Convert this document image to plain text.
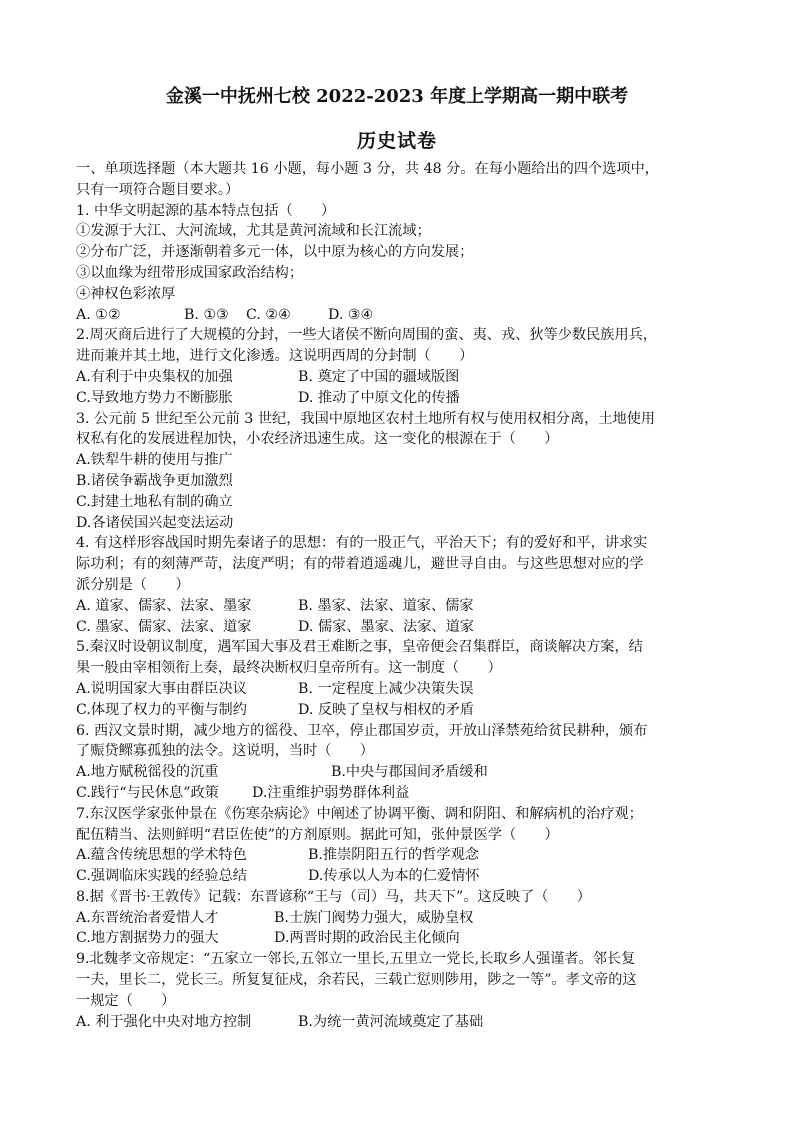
金溪一中抚州七校 2022-2023 年度上学期高一期中联考
历史试卷
一、单项选择题（本大题共 16 小题，每小题 3 分，共 48 分。在每小题给出的四个选项中，
只有一项符合题目要求。）
1. 中华文明起源的基本特点包括（　　）
①发源于大江、大河流域，尤其是黄河流域和长江流域；
②分布广泛，并逐渐朝着多元一体，以中原为核心的方向发展；
③以血缘为纽带形成国家政治结构；
④神权色彩浓厚
A. ①②	B. ①③ C. ②④	D. ③④
2.周灭商后进行了大规模的分封，一些大诸侯不断向周围的蛮、夷、戎、狄等少数民族用兵，
进而兼并其土地，进行文化渗透。这说明西周的分封制（　　）
A.有利于中央集权的加强	B. 奠定了中国的疆域版图
C.导致地方势力不断膨胀	D. 推动了中原文化的传播
3. 公元前 5 世纪至公元前 3 世纪，我国中原地区农村土地所有权与使用权相分离，土地使用
权私有化的发展进程加快，小农经济迅速生成。这一变化的根源在于（　　）
A.铁犁牛耕的使用与推广
B.诸侯争霸战争更加激烈
C.封建土地私有制的确立
D.各诸侯国兴起变法运动
4. 有这样形容战国时期先秦诸子的思想：有的一股正气，平治天下；有的爱好和平，讲求实
际功利；有的刻薄严苛，法度严明；有的带着逍遥魂儿，避世寻自由。与这些思想对应的学
派分别是（　　）
A. 道家、儒家、法家、墨家	B. 墨家、法家、道家、儒家
C. 墨家、儒家、法家、道家	D. 儒家、墨家、法家、道家
5.秦汉时设朝议制度，遇军国大事及君王难断之事，皇帝便会召集群臣，商谈解决方案，结
果一般由宰相领衔上奏，最终决断权归皇帝所有。这一制度（　　）
A.说明国家大事由群臣决议	B. 一定程度上减少决策失误
C.体现了权力的平衡与制约	D. 反映了皇权与相权的矛盾
6. 西汉文景时期，减少地方的徭役、卫卒，停止郡国岁贡，开放山泽禁苑给贫民耕种，颁布
了赈贷鳏寡孤独的法令。这说明，当时（　　）
A.地方赋税徭役的沉重	B.中央与郡国间矛盾缓和
C.践行“与民休息”政策 D.注重维护弱势群体利益
7.东汉医学家张仲景在《伤寒杂病论》中阐述了协调平衡、调和阴阳、和解病机的治疗观；
配伍精当、法则鲜明“君臣佐使”的方剂原则。据此可知，张仲景医学（　　）
A.蕴含传统思想的学术特色	B.推崇阴阳五行的哲学观念
C.强调临床实践的经验总结	D.传承以人为本的仁爱情怀
8.据《晋书·王敦传》记载：东晋谚称“王与（司）马，共天下”。这反映了（　　）
A.东晋统治者爱惜人才	B.士族门阀势力强大，威胁皇权
C.地方割据势力的强大	D.两晋时期的政治民主化倾向
9.北魏孝文帝规定：“五家立一邻长,五邻立一里长,五里立一党长,长取乡人强谨者。邻长复
一夫，里长二，党长三。所复复征戍，余若民，三载亡愆则陟用，陟之一等”。孝文帝的这
一规定（　　）
A. 利于强化中央对地方控制	B.为统一黄河流域奠定了基础
